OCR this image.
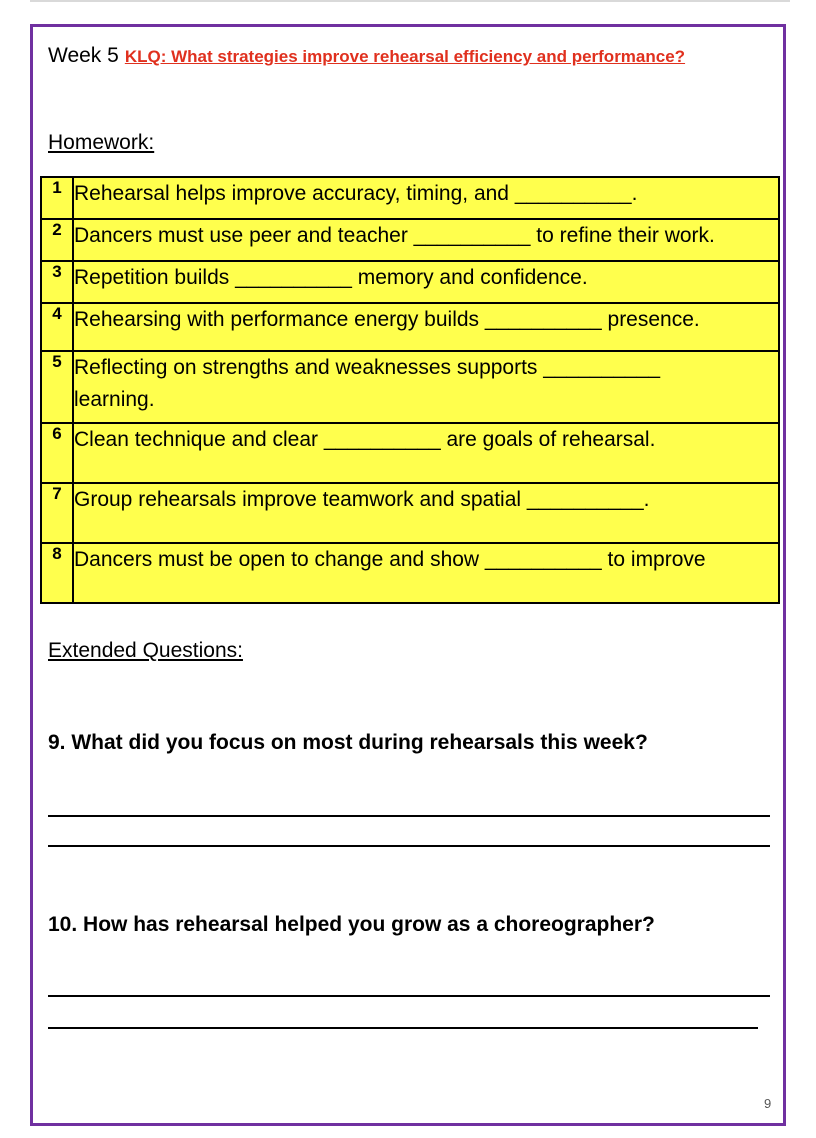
Week 5 KLQ: What strategies improve rehearsal efficiency and performance?
Homework:
1	Rehearsal helps improve accuracy, timing, and __________.
2	Dancers must use peer and teacher __________ to refine their work.
3	Repetition builds __________ memory and confidence.
4	Rehearsing with performance energy builds __________ presence.
5	Reflecting on strengths and weaknesses supports __________ learning.
6	Clean technique and clear __________ are goals of rehearsal.
7	Group rehearsals improve teamwork and spatial __________.
8	Dancers must be open to change and show __________ to improve
Extended Questions:
9. What did you focus on most during rehearsals this week?
10. How has rehearsal helped you grow as a choreographer?
9
